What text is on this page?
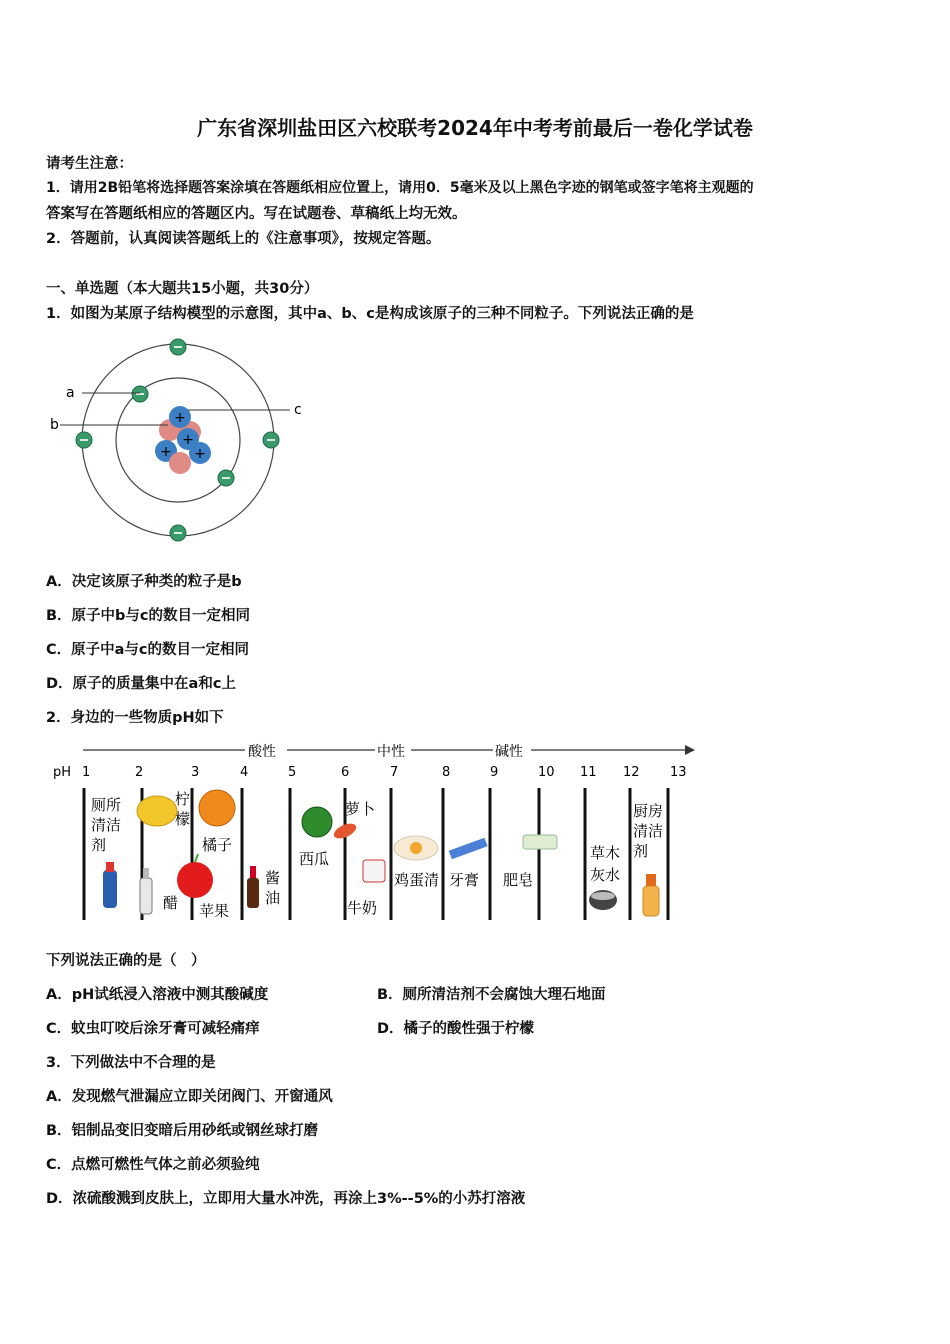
广东省深圳盐田区六校联考2024年中考考前最后一卷化学试卷
请考生注意：
1．请用2B铅笔将选择题答案涂填在答题纸相应位置上，请用0．5毫米及以上黑色字迹的钢笔或签字笔将主观题的
答案写在答题纸相应的答题区内。写在试题卷、草稿纸上均无效。
2．答题前，认真阅读答题纸上的《注意事项》，按规定答题。
一、单选题（本大题共15小题，共30分）
1．如图为某原子结构模型的示意图，其中a、b、c是构成该原子的三种不同粒子。下列说法正确的是
+
+
+ +
a
b
c
A．决定该原子种类的粒子是b
B．原子中b与c的数目一定相同
C．原子中a与c的数目一定相同
D．原子的质量集中在a和c上
2．身边的一些物质pH如下
酸性	中性	碱性
pH 1	2	3	4	5	6	7	8	9	10 11 12 13
厕所清洁剂
柠檬
橘子
醋 苹果
酱油
西瓜
萝卜
牛奶
鸡蛋清 牙膏 肥皂
草木灰水
厨房清洁剂
下列说法正确的是（　）
A．pH试纸浸入溶液中测其酸碱度	B．厕所清洁剂不会腐蚀大理石地面
C．蚊虫叮咬后涂牙膏可减轻痛痒	D．橘子的酸性强于柠檬
3．下列做法中不合理的是
A．发现燃气泄漏应立即关闭阀门、开窗通风
B．铝制品变旧变暗后用砂纸或钢丝球打磨
C．点燃可燃性气体之前必须验纯
D．浓硫酸溅到皮肤上，立即用大量水冲洗，再涂上3%--5%的小苏打溶液
